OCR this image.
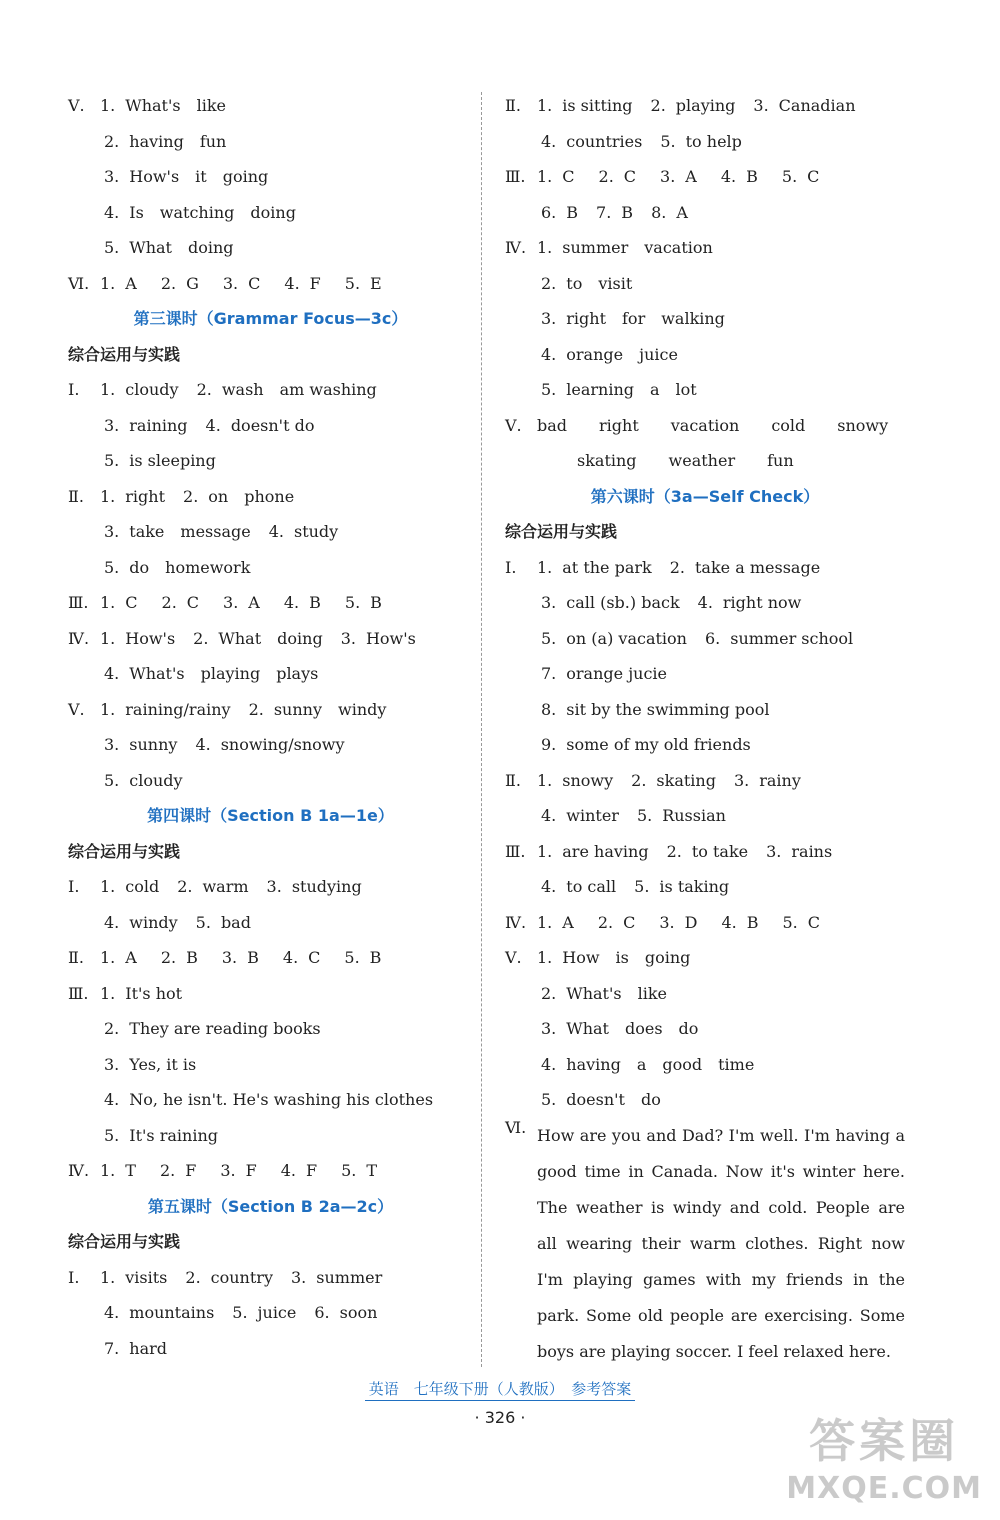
Ⅴ. 1. What's like
2. having fun
3. How's it going
4. Is watching doing
5. What doing
Ⅵ. 1. A 2. G 3. C 4. F 5. E
第三课时（Grammar Focus—3c）
综合运用与实践
Ⅰ. 1. cloudy 2. wash　am washing
3. raining 4. doesn't do
5. is sleeping
Ⅱ. 1. right 2. on　phone
3. take　message 4. study
5. do　homework
Ⅲ. 1. C 2. C 3. A 4. B 5. B
Ⅳ. 1. How's 2. What　doing 3. How's
4. What's　playing　plays
Ⅴ. 1. raining/rainy 2. sunny　windy
3. sunny 4. snowing/snowy
5. cloudy
第四课时（Section B 1a—1e）
综合运用与实践
Ⅰ. 1. cold 2. warm 3. studying
4. windy 5. bad
Ⅱ. 1. A 2. B 3. B 4. C 5. B
Ⅲ. 1. It's hot
2. They are reading books
3. Yes, it is
4. No, he isn't. He's washing his clothes
5. It's raining
Ⅳ. 1. T 2. F 3. F 4. F 5. T
第五课时（Section B 2a—2c）
综合运用与实践
Ⅰ. 1. visits 2. country 3. summer
4. mountains 5. juice 6. soon
7. hard
Ⅱ. 1. is sitting 2. playing 3. Canadian
4. countries 5. to help
Ⅲ. 1. C 2. C 3. A 4. B 5. C
6. B 7. B 8. A
Ⅳ. 1. summer　vacation
2. to　visit
3. right　for　walking
4. orange　juice
5. learning　a　lot
Ⅴ. bad　　right　　vacation　　cold　　snowy
skating　　weather　　fun
第六课时（3a—Self Check）
综合运用与实践
Ⅰ. 1. at the park 2. take a message
3. call (sb.) back 4. right now
5. on (a) vacation 6. summer school
7. orange jucie
8. sit by the swimming pool
9. some of my old friends
Ⅱ. 1. snowy 2. skating 3. rainy
4. winter 5. Russian
Ⅲ. 1. are having 2. to take 3. rains
4. to call 5. is taking
Ⅳ. 1. A 2. C 3. D 4. B 5. C
Ⅴ. 1. How　is　going
2. What's　like
3. What　does　do
4. having　a　good　time
5. doesn't　do
Ⅵ. How are you and Dad? I'm well. I'm having a good time in Canada. Now it's winter here. The weather is windy and cold. People are all wearing their warm clothes. Right now I'm playing games with my friends in the park. Some old people are exercising. Some boys are playing soccer. I feel relaxed here.
英语　七年级下册（人教版）　参考答案
· 326 ·	答案圈
MXQE.COM
